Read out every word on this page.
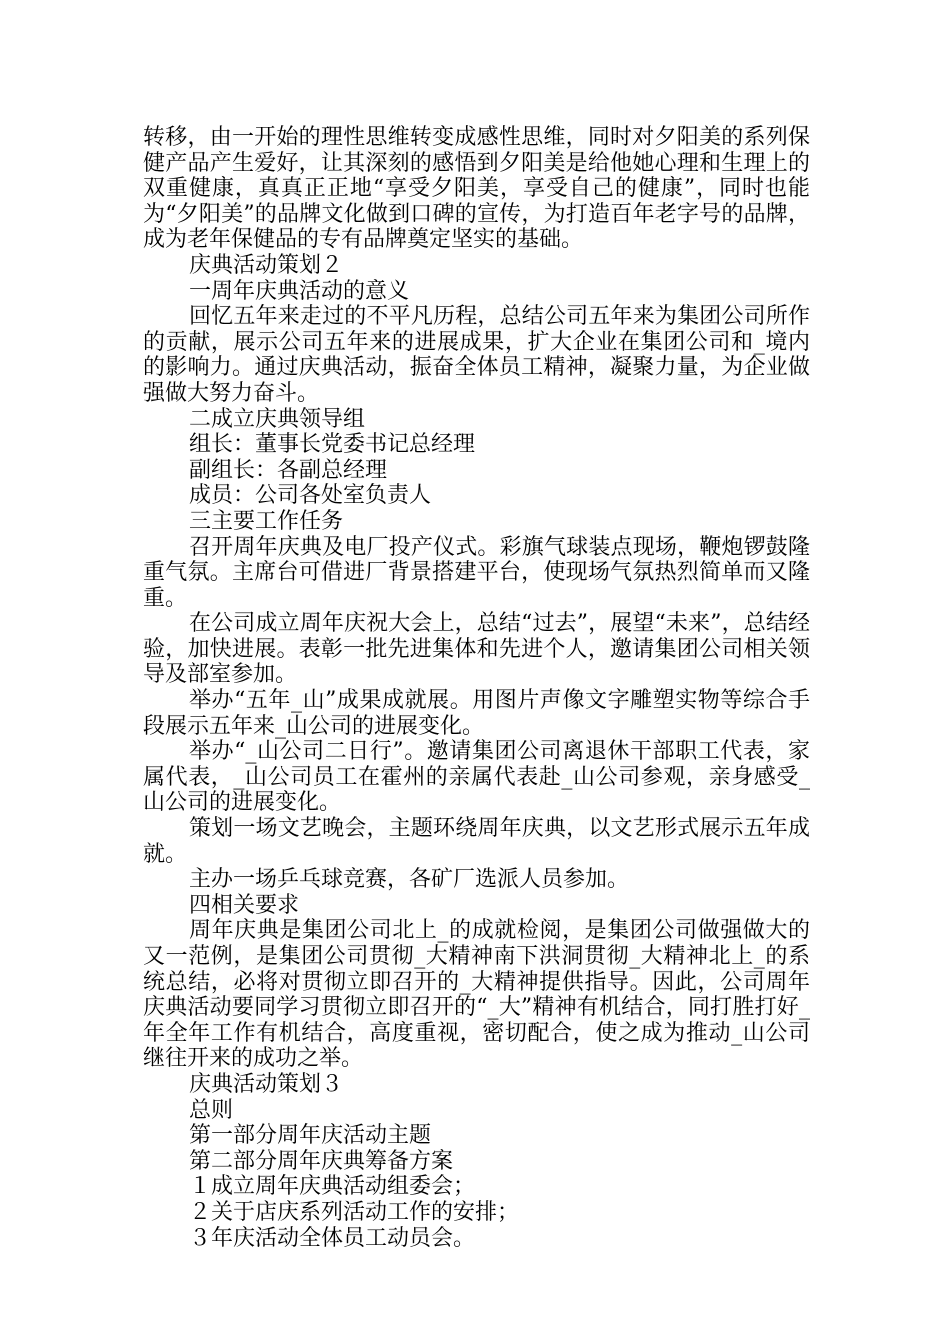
转移，由一开始的理性思维转变成感性思维，同时对夕阳美的系列保健产品产生爱好，让其深刻的感悟到夕阳美是给他她心理和生理上的双重健康，真真正正地“享受夕阳美，享受自己的健康”，同时也能为“夕阳美”的品牌文化做到口碑的宣传，为打造百年老字号的品牌，成为老年保健品的专有品牌奠定坚实的基础。

庆典活动策划２

一周年庆典活动的意义

回忆五年来走过的不平凡历程，总结公司五年来为集团公司所作的贡献，展示公司五年来的进展成果，扩大企业在集团公司和_境内的影响力。通过庆典活动，振奋全体员工精神，凝聚力量，为企业做强做大努力奋斗。

二成立庆典领导组

组长：董事长党委书记总经理

副组长：各副总经理

成员：公司各处室负责人

三主要工作任务

召开周年庆典及电厂投产仪式。彩旗气球装点现场，鞭炮锣鼓隆重气氛。主席台可借进厂背景搭建平台，使现场气氛热烈简单而又隆重。

在公司成立周年庆祝大会上，总结“过去”，展望“未来”，总结经验，加快进展。表彰一批先进集体和先进个人，邀请集团公司相关领导及部室参加。

举办“五年_山”成果成就展。用图片声像文字雕塑实物等综合手段展示五年来_山公司的进展变化。

举办“_山公司二日行”。邀请集团公司离退休干部职工代表，家属代表，_山公司员工在霍州的亲属代表赴_山公司参观，亲身感受_山公司的进展变化。

策划一场文艺晚会，主题环绕周年庆典，以文艺形式展示五年成就。

主办一场乒乓球竞赛，各矿厂选派人员参加。

四相关要求

周年庆典是集团公司北上_的成就检阅，是集团公司做强做大的又一范例，是集团公司贯彻_大精神南下洪洞贯彻_大精神北上_的系统总结，必将对贯彻立即召开的_大精神提供指导。因此，公司周年庆典活动要同学习贯彻立即召开的“_大”精神有机结合，同打胜打好_年全年工作有机结合，高度重视，密切配合，使之成为推动_山公司继往开来的成功之举。

庆典活动策划３

总则

第一部分周年庆活动主题

第二部分周年庆典筹备方案

１成立周年庆典活动组委会；

２关于店庆系列活动工作的安排；

３年庆活动全体员工动员会。
